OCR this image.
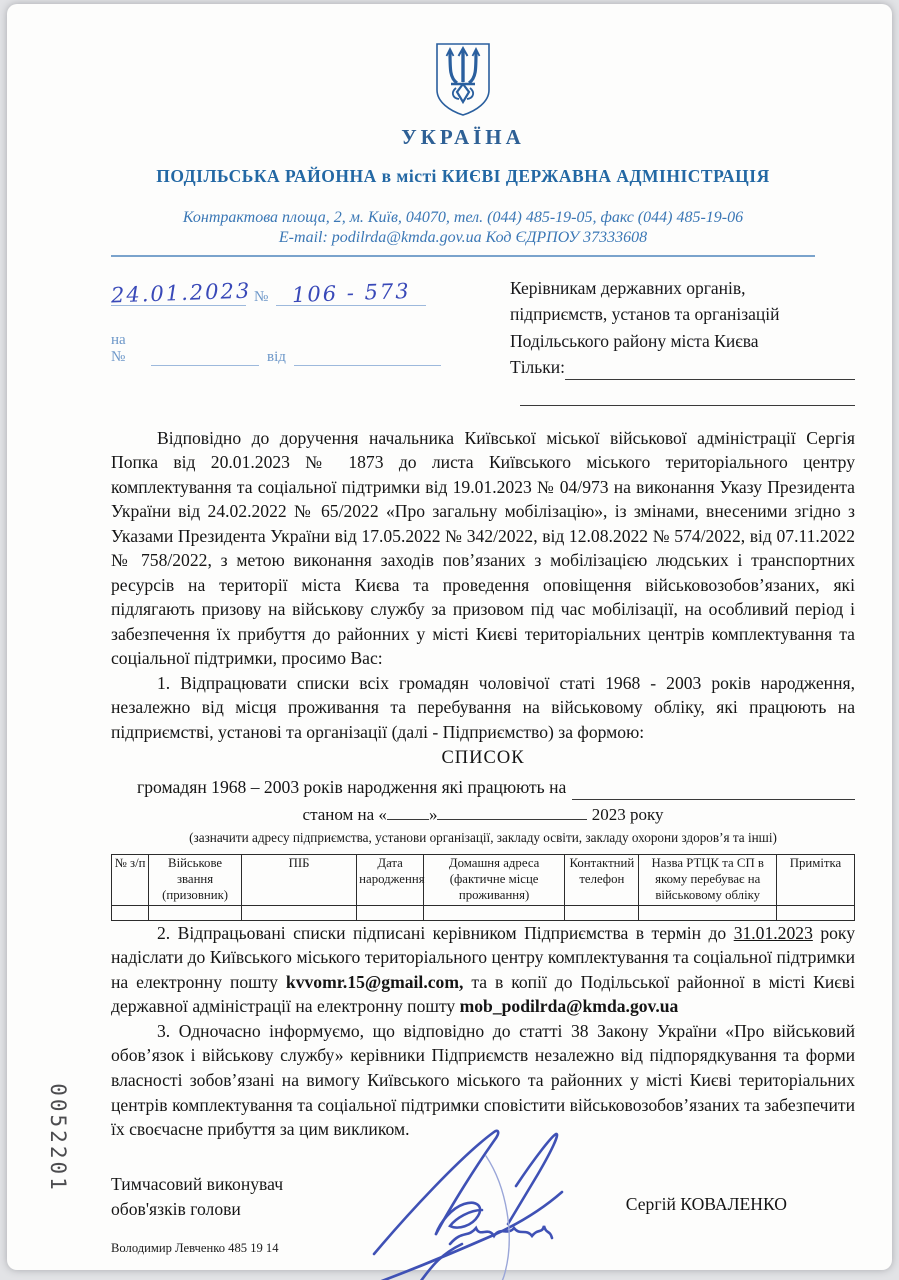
УКРАЇНА
ПОДІЛЬСЬКА РАЙОННА в місті КИЄВІ ДЕРЖАВНА АДМІНІСТРАЦІЯ
Контрактова площа, 2, м. Київ, 04070, тел. (044) 485-19-05, факс (044) 485-19-06
E-mail: podilrda@kmda.gov.ua Код ЄДРПОУ 37333608
24.01.2023 №	106 - 573
на №	від
Керівникам державних органів,
підприємств, установ та організацій
Подільського району міста Києва
Тільки:

Відповідно до доручення начальника Київської міської військової адміністрації Сергія Попка від 20.01.2023 № 1873 до листа Київського міського територіального центру комплектування та соціальної підтримки від 19.01.2023 № 04/973 на виконання Указу Президента України від 24.02.2022 № 65/2022 «Про загальну мобілізацію», із змінами, внесеними згідно з Указами Президента України від 17.05.2022 № 342/2022, від 12.08.2022 № 574/2022, від 07.11.2022 № 758/2022, з метою виконання заходів пов’язаних з мобілізацією людських і транспортних ресурсів на території міста Києва та проведення оповіщення військовозобов’язаних, які підлягають призову на військову службу за призовом під час мобілізації, на особливий період і забезпечення їх прибуття до районних у місті Києві територіальних центрів комплектування та соціальної підтримки, просимо Вас:

1. Відпрацювати списки всіх громадян чоловічої статі 1968 - 2003 років народження, незалежно від місця проживання та перебування на військовому обліку, які працюють на підприємстві, установі та організації (далі - Підприємство) за формою:

СПИСОК
громадян 1968 – 2003 років народження які працюють на
станом на « »	2023 року
(зазначити адресу підприємства, установи організації, закладу освіти, закладу охорони здоров’я та інші)
№ з/п	Військове звання (призовник)	ПІБ	Дата народження	Домашня адреса (фактичне місце проживання)	Контактний телефон	Назва РТЦК та СП в якому перебуває на військовому обліку	Примітка

2. Відпрацьовані списки підписані керівником Підприємства в термін до 31.01.2023 року надіслати до Київського міського територіального центру комплектування та соціальної підтримки на електронну пошту kvvomr.15@gmail.com, та в копії до Подільської районної в місті Києві державної адміністрації на електронну пошту mob_podilrda@kmda.gov.ua

3. Одночасно інформуємо, що відповідно до статті 38 Закону України «Про військовий обов’язок і військову службу» керівники Підприємств незалежно від підпорядкування та форми власності зобов’язані на вимогу Київського міського та районних у місті Києві територіальних центрів комплектування та соціальної підтримки сповістити військовозобов’язаних та забезпечити їх своєчасне прибуття за цим викликом.

Тимчасовий виконувач
обов'язків голови
Володимир Левченко 485 19 14
Сергій КОВАЛЕНКО
0052201
